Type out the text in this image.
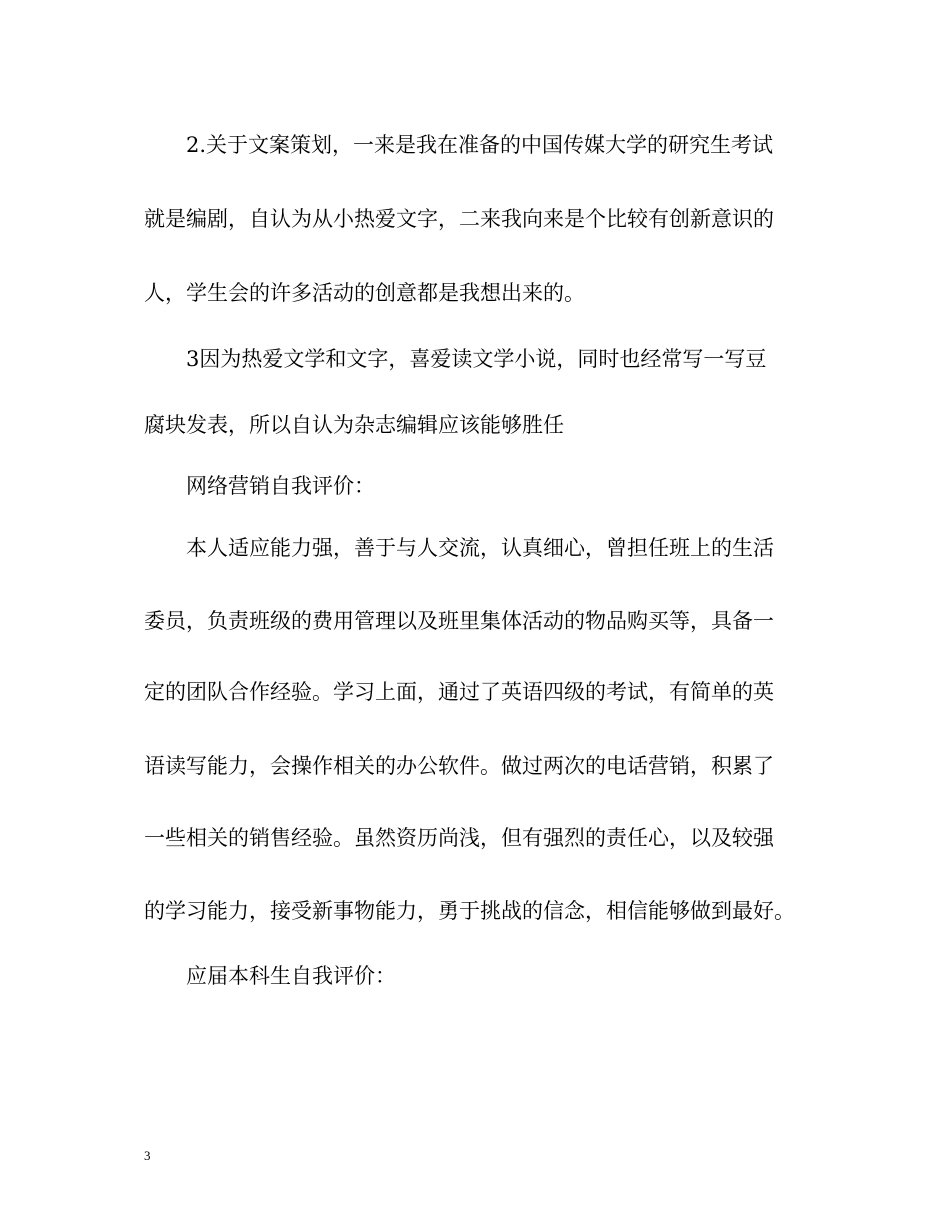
2.关于文案策划，一来是我在准备的中国传媒大学的研究生考试
就是编剧，自认为从小热爱文字，二来我向来是个比较有创新意识的
人，学生会的许多活动的创意都是我想出来的。
3因为热爱文学和文字，喜爱读文学小说，同时也经常写一写豆
腐块发表，所以自认为杂志编辑应该能够胜任
网络营销自我评价：
本人适应能力强，善于与人交流，认真细心，曾担任班上的生活
委员，负责班级的费用管理以及班里集体活动的物品购买等，具备一
定的团队合作经验。学习上面，通过了英语四级的考试，有简单的英
语读写能力，会操作相关的办公软件。做过两次的电话营销，积累了
一些相关的销售经验。虽然资历尚浅，但有强烈的责任心，以及较强
的学习能力，接受新事物能力，勇于挑战的信念，相信能够做到最好。
应届本科生自我评价：
3
